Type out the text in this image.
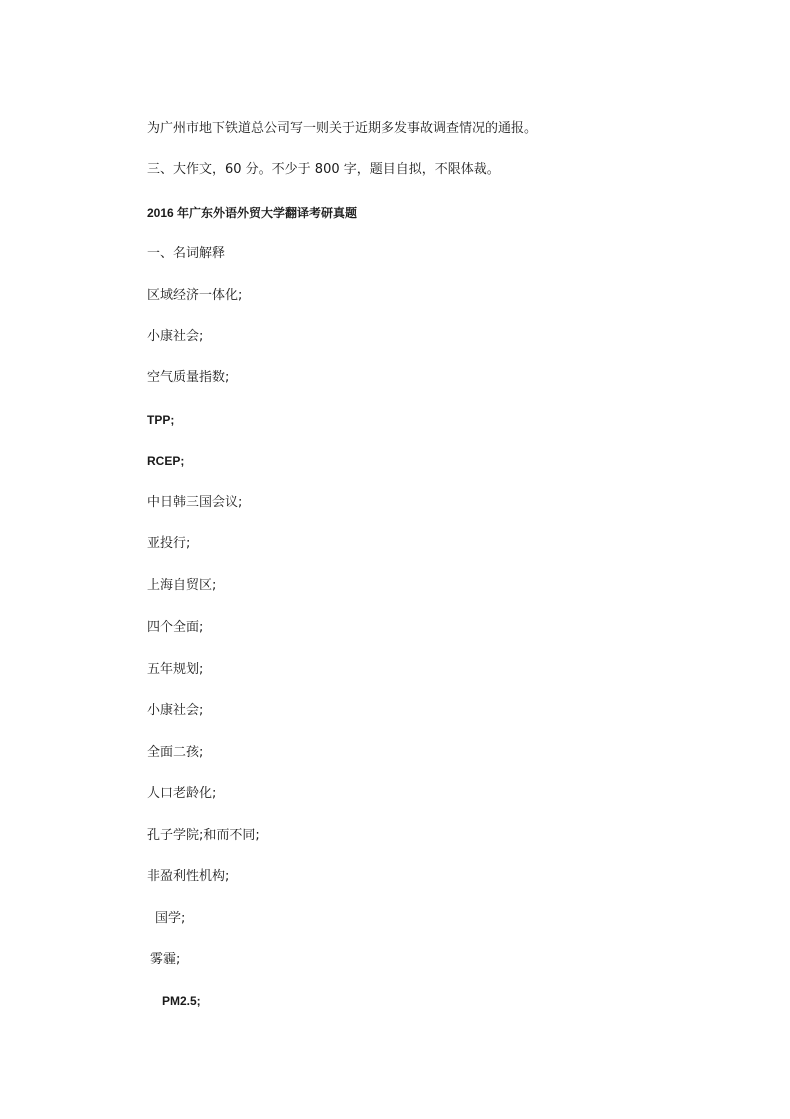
为广州市地下铁道总公司写一则关于近期多发事故调查情况的通报。
三、大作文，60 分。不少于 800 字，题目自拟，不限体裁。
2016 年广东外语外贸大学翻译考研真题
一、名词解释
区域经济一体化;
小康社会;
空气质量指数;
TPP;
RCEP;
中日韩三国会议;
亚投行;
上海自贸区;
四个全面;
五年规划;
小康社会;
全面二孩;
人口老龄化;
孔子学院;和而不同;
非盈利性机构;
国学;
雾霾;
PM2.5;
